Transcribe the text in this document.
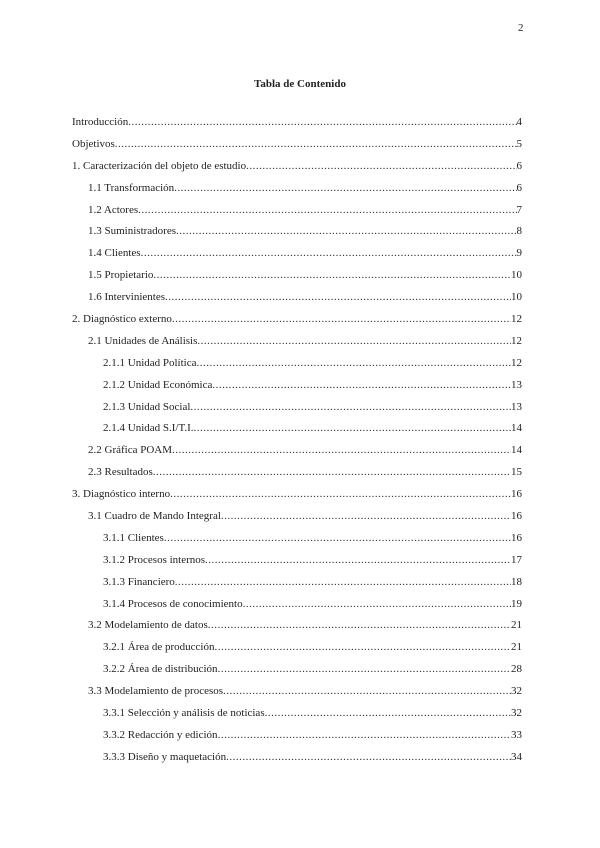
2
Tabla de Contenido
Introducción .....	4
Objetivos .....	5
1. Caracterización del objeto de estudio .....	6
1.1 Transformación .....	6
1.2 Actores .....	7
1.3 Suministradores .....	8
1.4 Clientes .....	9
1.5 Propietario .....	10
1.6 Intervinientes .....	10
2. Diagnóstico externo .....	12
2.1 Unidades de Análisis .....	12
2.1.1 Unidad Política .....	12
2.1.2 Unidad Económica .....	13
2.1.3 Unidad Social .....	13
2.1.4 Unidad S.I/T.I. .....	14
2.2 Gráfica POAM .....	14
2.3 Resultados .....	15
3. Diagnóstico interno .....	16
3.1 Cuadro de Mando Integral .....	16
3.1.1 Clientes .....	16
3.1.2 Procesos internos .....	17
3.1.3 Financiero .....	18
3.1.4 Procesos de conocimiento .....	19
3.2 Modelamiento de datos .....	21
3.2.1 Área de producción .....	21
3.2.2 Área de distribución .....	28
3.3 Modelamiento de procesos .....	32
3.3.1 Selección y análisis de noticias .....	32
3.3.2 Redacción y edición .....	33
3.3.3 Diseño y maquetación .....	34
